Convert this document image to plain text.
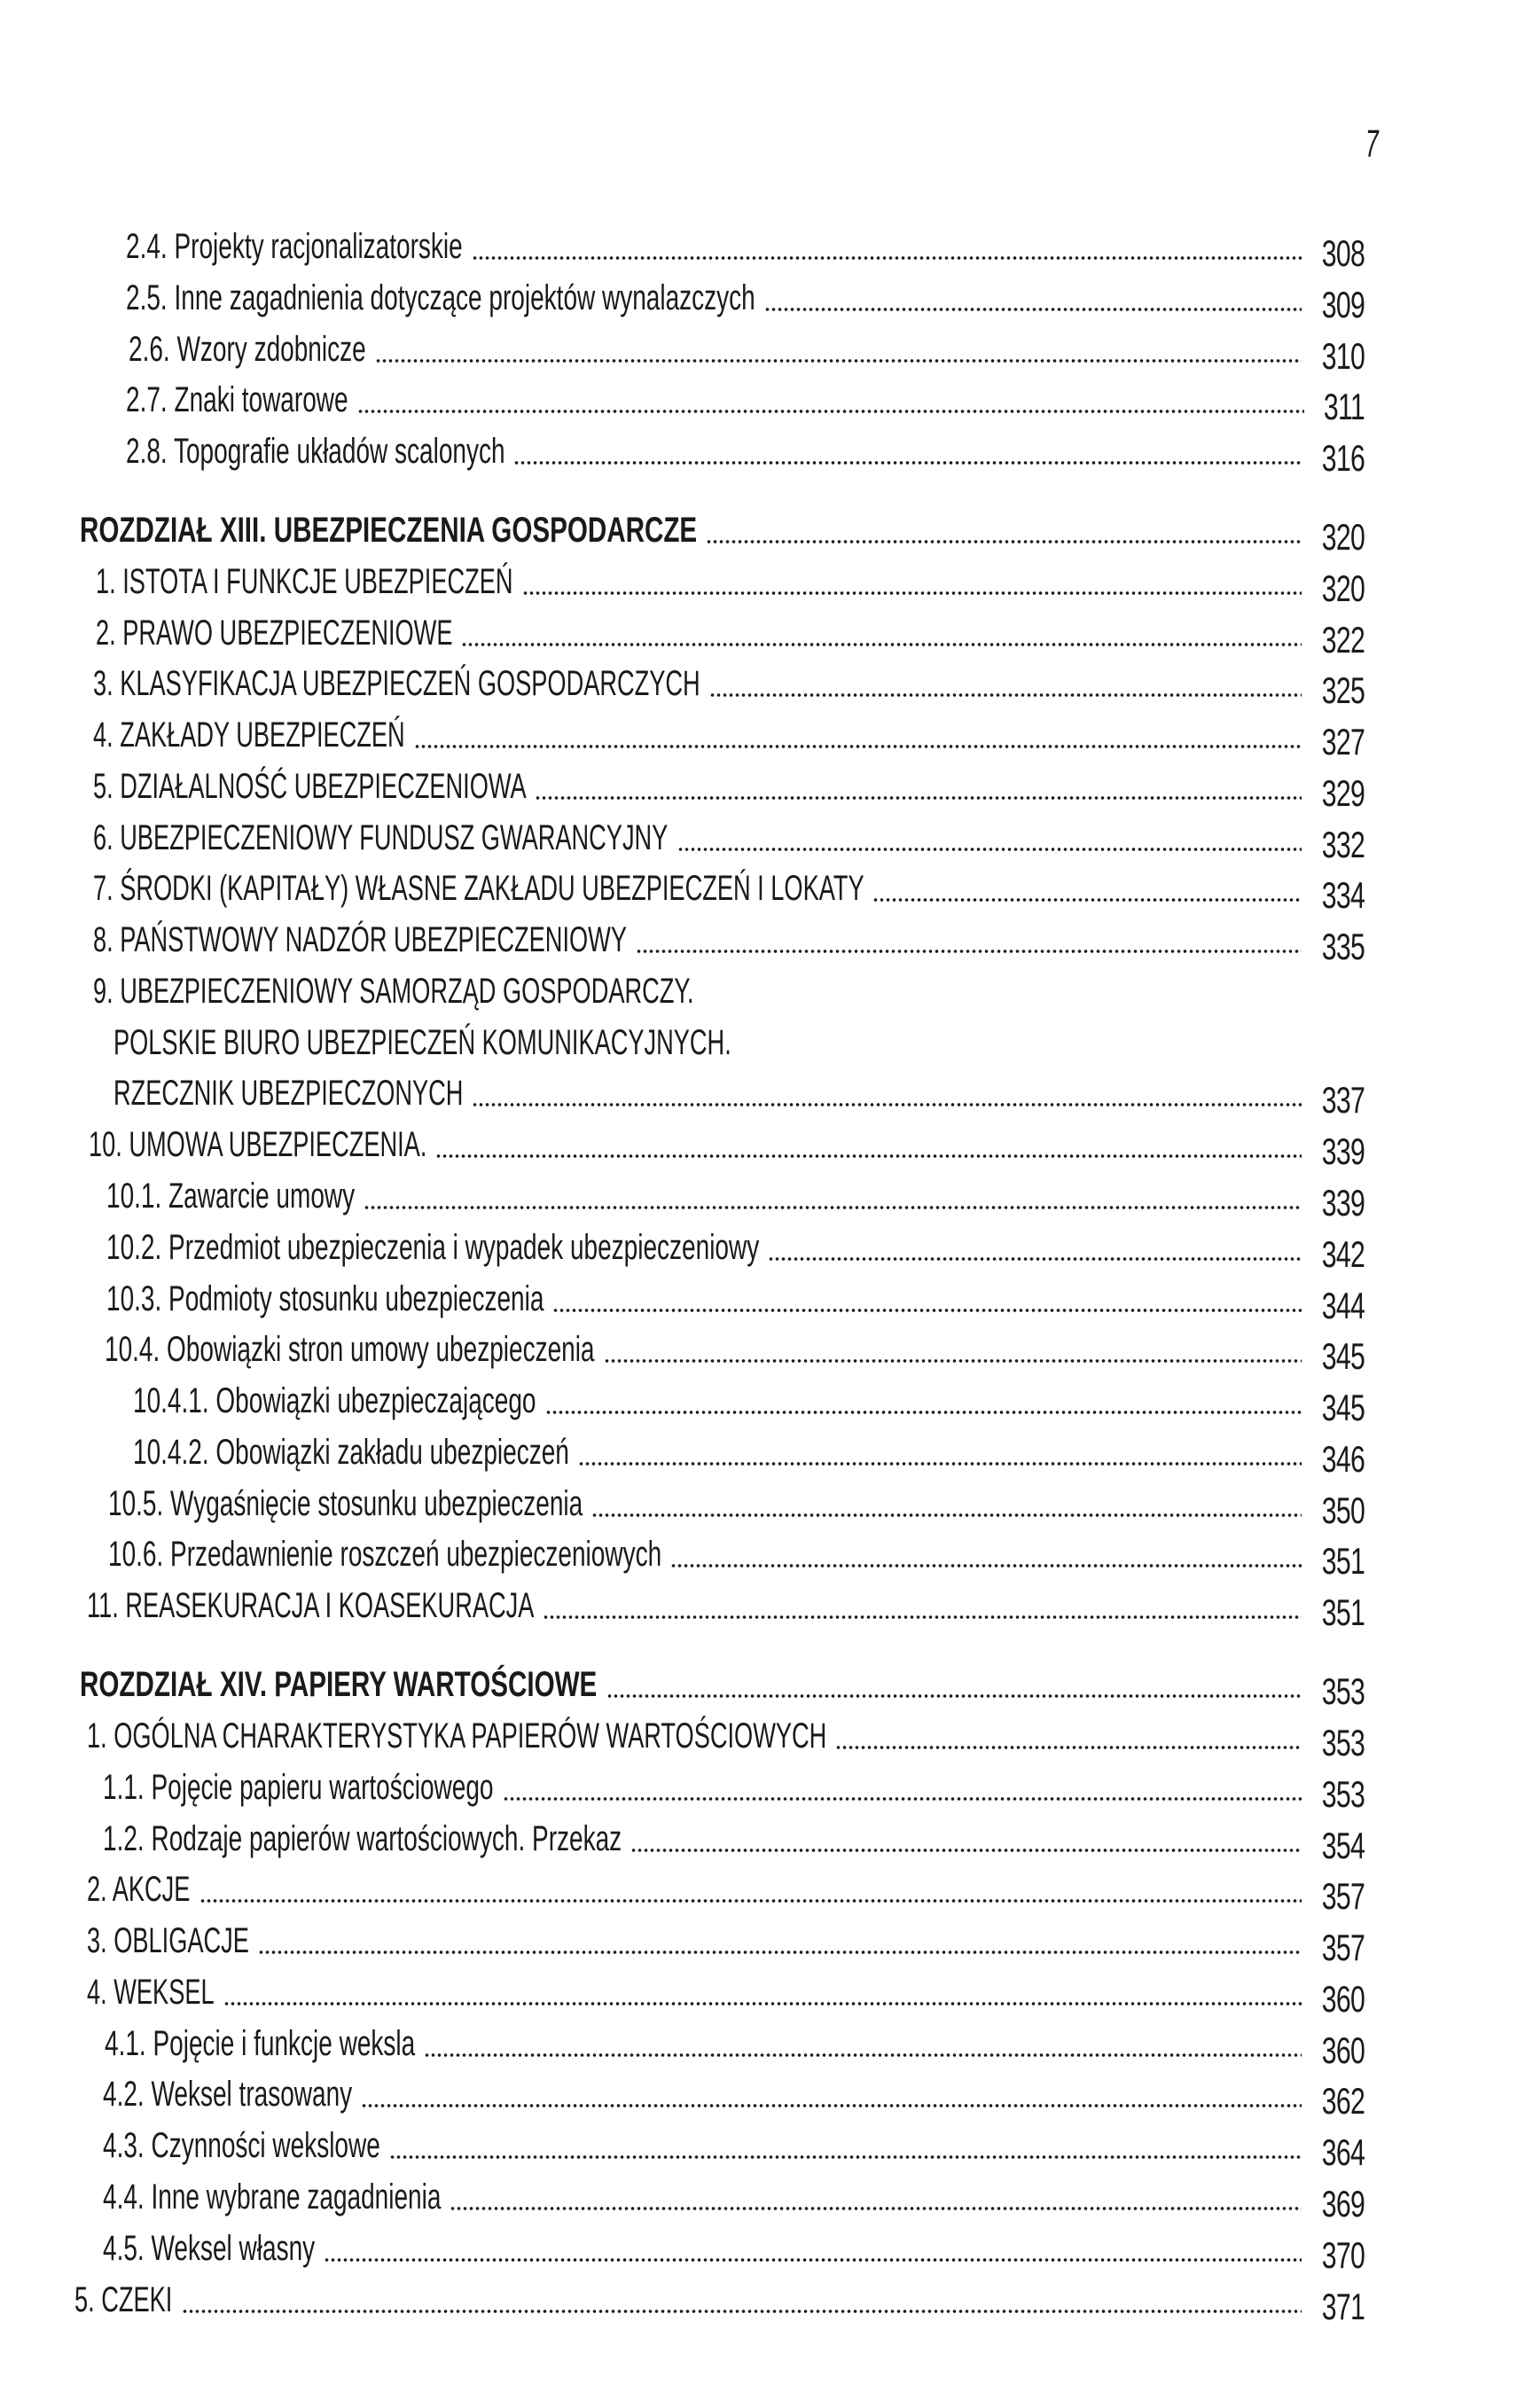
7
2.4. Projekty racjonalizatorskie	308
2.5. Inne zagadnienia dotyczące projektów wynalazczych	309
2.6. Wzory zdobnicze	310
2.7. Znaki towarowe	311
2.8. Topografie układów scalonych	316
ROZDZIAŁ XIII. UBEZPIECZENIA GOSPODARCZE	320
1. ISTOTA I FUNKCJE UBEZPIECZEŃ	320
2. PRAWO UBEZPIECZENIOWE	322
3. KLASYFIKACJA UBEZPIECZEŃ GOSPODARCZYCH	325
4. ZAKŁADY UBEZPIECZEŃ	327
5. DZIAŁALNOŚĆ UBEZPIECZENIOWA	329
6. UBEZPIECZENIOWY FUNDUSZ GWARANCYJNY	332
7. ŚRODKI (KAPITAŁY) WŁASNE ZAKŁADU UBEZPIECZEŃ I LOKATY	334
8. PAŃSTWOWY NADZÓR UBEZPIECZENIOWY	335
9. UBEZPIECZENIOWY SAMORZĄD GOSPODARCZY.
POLSKIE BIURO UBEZPIECZEŃ KOMUNIKACYJNYCH.
RZECZNIK UBEZPIECZONYCH	337
10. UMOWA UBEZPIECZENIA.	339
10.1. Zawarcie umowy	339
10.2. Przedmiot ubezpieczenia i wypadek ubezpieczeniowy	342
10.3. Podmioty stosunku ubezpieczenia	344
10.4. Obowiązki stron umowy ubezpieczenia	345
10.4.1. Obowiązki ubezpieczającego	345
10.4.2. Obowiązki zakładu ubezpieczeń	346
10.5. Wygaśnięcie stosunku ubezpieczenia	350
10.6. Przedawnienie roszczeń ubezpieczeniowych	351
11. REASEKURACJA I KOASEKURACJA	351
ROZDZIAŁ XIV. PAPIERY WARTOŚCIOWE	353
1. OGÓLNA CHARAKTERYSTYKA PAPIERÓW WARTOŚCIOWYCH	353
1.1. Pojęcie papieru wartościowego	353
1.2. Rodzaje papierów wartościowych. Przekaz	354
2. AKCJE	357
3. OBLIGACJE	357
4. WEKSEL	360
4.1. Pojęcie i funkcje weksla	360
4.2. Weksel trasowany	362
4.3. Czynności wekslowe	364
4.4. Inne wybrane zagadnienia	369
4.5. Weksel własny	370
5. CZEKI	371
